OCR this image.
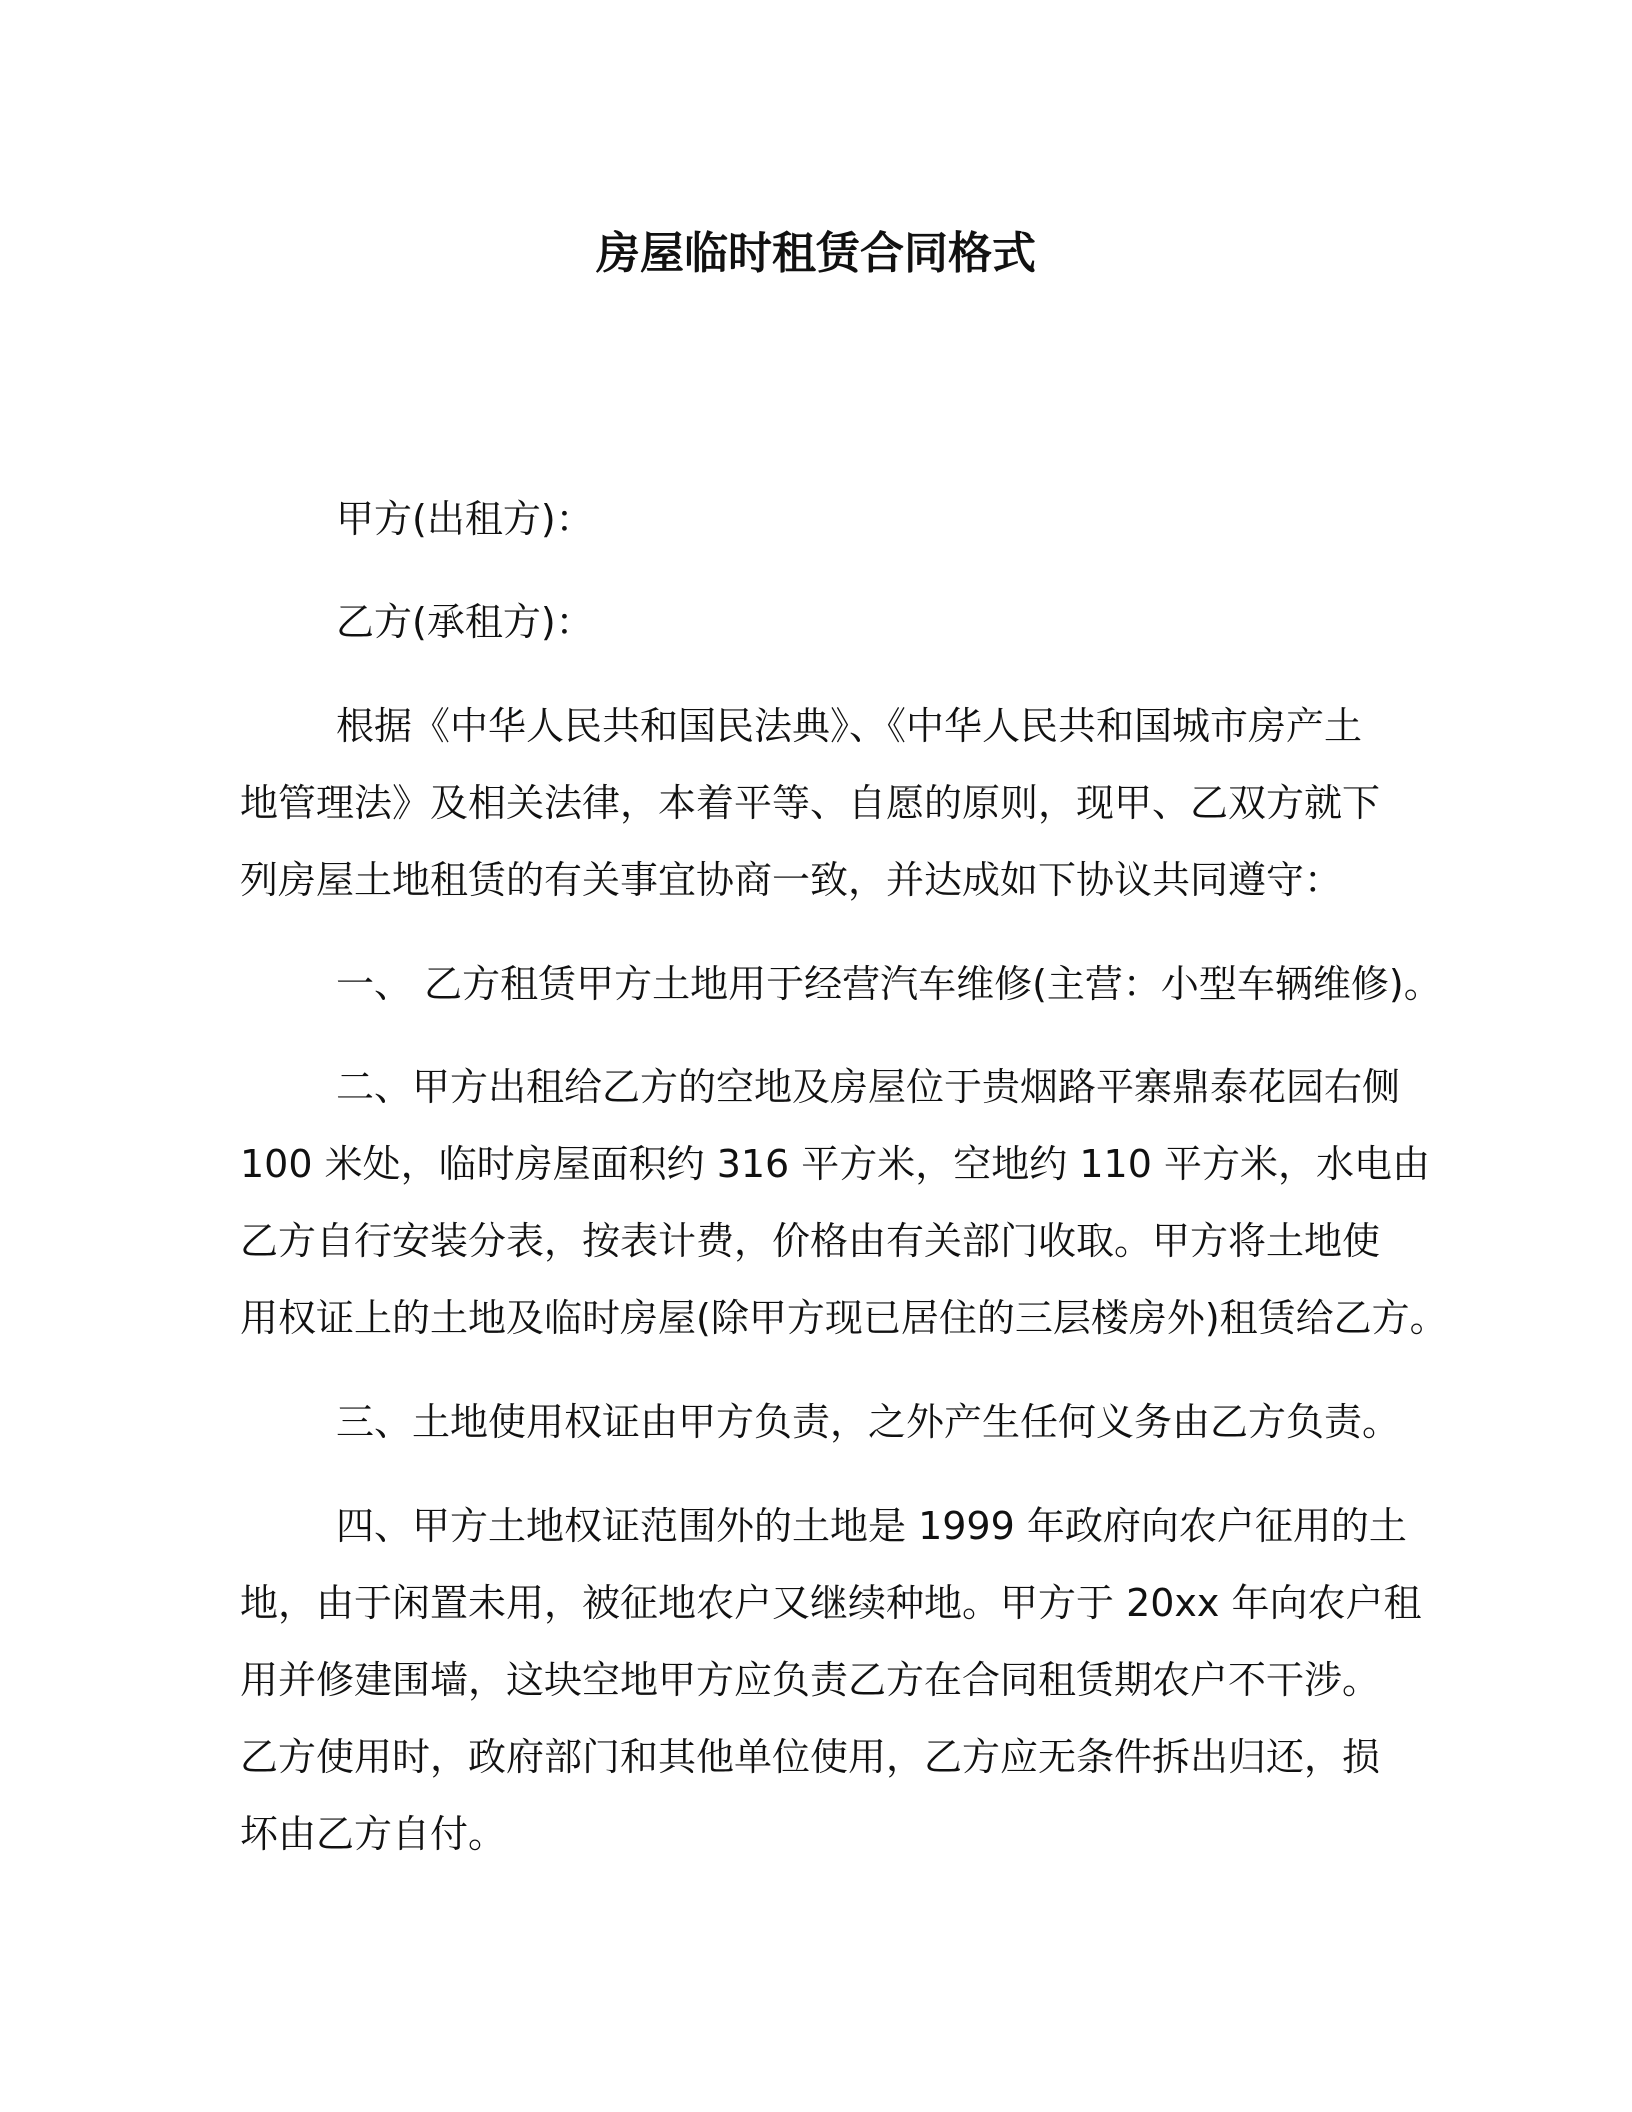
房屋临时租赁合同格式

甲方(出租方)：

乙方(承租方)：

根据《中华人民共和国民法典》、《中华人民共和国城市房产土

地管理法》及相关法律，本着平等、自愿的原则，现甲、乙双方就下

列房屋土地租赁的有关事宜协商一致，并达成如下协议共同遵守：

一、 乙方租赁甲方土地用于经营汽车维修(主营：小型车辆维修)。

二、甲方出租给乙方的空地及房屋位于贵烟路平寨鼎泰花园右侧

100 米处，临时房屋面积约 316 平方米，空地约 110 平方米，水电由

乙方自行安装分表，按表计费，价格由有关部门收取。甲方将土地使

用权证上的土地及临时房屋(除甲方现已居住的三层楼房外)租赁给乙方。

三、土地使用权证由甲方负责，之外产生任何义务由乙方负责。

四、甲方土地权证范围外的土地是 1999 年政府向农户征用的土

地，由于闲置未用，被征地农户又继续种地。甲方于 20xx 年向农户租

用并修建围墙，这块空地甲方应负责乙方在合同租赁期农户不干涉。

乙方使用时，政府部门和其他单位使用，乙方应无条件拆出归还，损

坏由乙方自付。
